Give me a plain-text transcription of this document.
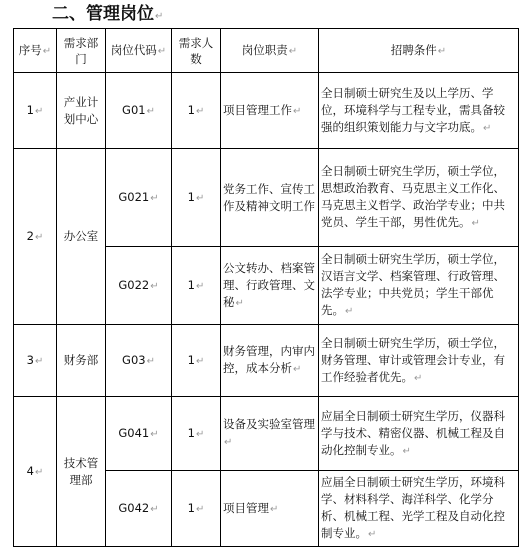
二、管理岗位↵
序号↵	需求部门	岗位代码↵	需求人数	岗位职责↵	招聘条件↵
1↵	产业计划中心	G01↵	1↵	项目管理工作↵	全日制硕士研究生及以上学历、学位，环境科学与工程专业，需具备较强的组织策划能力与文字功底。↵
2↵	办公室	G021↵	1↵	党务工作、宣传工作及精神文明工作	全日制硕士研究生学历，硕士学位，思想政治教育、马克思主义工作化、马克思主义哲学、政治学专业；中共党员、学生干部，男性优先。↵
		G022↵	1↵	公文转办、档案管理、行政管理、文秘↵	全日制硕士研究生学历，硕士学位，汉语言文学、档案管理、行政管理、法学专业；中共党员；学生干部优先。↵
3↵	财务部	G03↵	1↵	财务管理，内审内控，成本分析↵	全日制硕士研究生学历，硕士学位，财务管理、审计或管理会计专业，有工作经验者优先。↵
4↵	技术管理部	G041↵	1↵	设备及实验室管理↵	应届全日制硕士研究生学历，仪器科学与技术、精密仪器、机械工程及自动化控制专业。↵
		G042↵	1↵	项目管理↵	应届全日制硕士研究生学历，环境科学、材料科学、海洋科学、化学分析、机械工程、光学工程及自动化控制专业。↵
